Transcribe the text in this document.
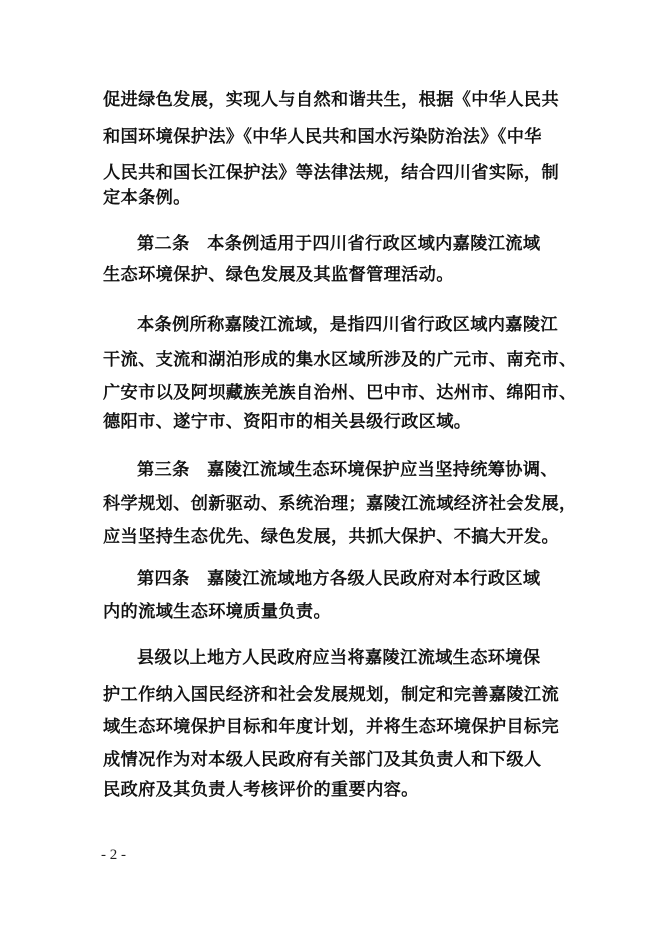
促进绿色发展，实现人与自然和谐共生，根据《中华人民共
和国环境保护法》《中华人民共和国水污染防治法》《中华
人民共和国长江保护法》等法律法规，结合四川省实际，制
定本条例。
第二条　本条例适用于四川省行政区域内嘉陵江流域
生态环境保护、绿色发展及其监督管理活动。
本条例所称嘉陵江流域，是指四川省行政区域内嘉陵江
干流、支流和湖泊形成的集水区域所涉及的广元市、南充市、
广安市以及阿坝藏族羌族自治州、巴中市、达州市、绵阳市、
德阳市、遂宁市、资阳市的相关县级行政区域。
第三条　嘉陵江流域生态环境保护应当坚持统筹协调、
科学规划、创新驱动、系统治理；嘉陵江流域经济社会发展，
应当坚持生态优先、绿色发展，共抓大保护、不搞大开发。
第四条　嘉陵江流域地方各级人民政府对本行政区域
内的流域生态环境质量负责。
县级以上地方人民政府应当将嘉陵江流域生态环境保
护工作纳入国民经济和社会发展规划，制定和完善嘉陵江流
域生态环境保护目标和年度计划，并将生态环境保护目标完
成情况作为对本级人民政府有关部门及其负责人和下级人
民政府及其负责人考核评价的重要内容。
- 2 -
